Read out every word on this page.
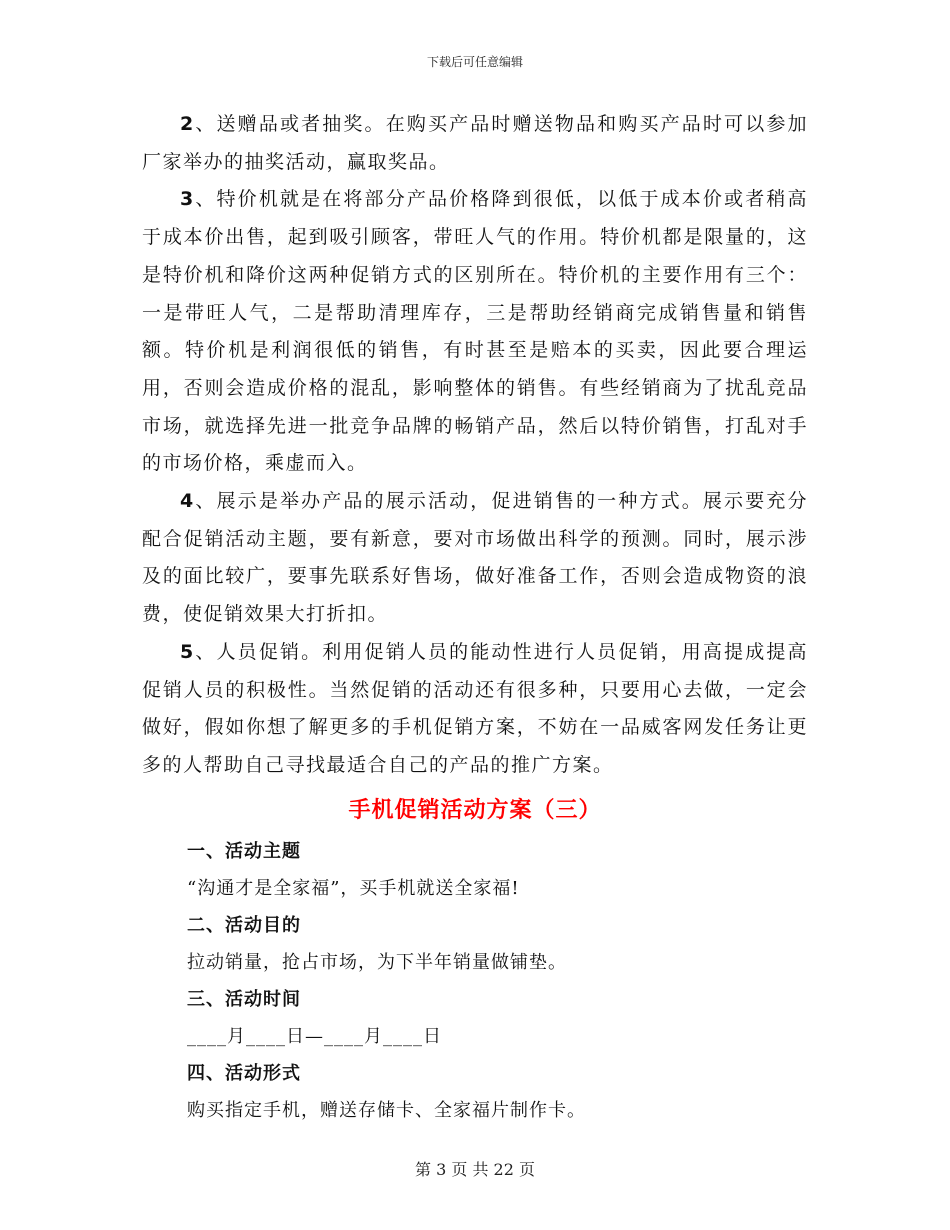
下载后可任意编辑

2、送赠品或者抽奖。在购买产品时赠送物品和购买产品时可以参加厂家举办的抽奖活动，赢取奖品。

3、特价机就是在将部分产品价格降到很低，以低于成本价或者稍高于成本价出售，起到吸引顾客，带旺人气的作用。特价机都是限量的，这是特价机和降价这两种促销方式的区别所在。特价机的主要作用有三个：一是带旺人气，二是帮助清理库存，三是帮助经销商完成销售量和销售额。特价机是利润很低的销售，有时甚至是赔本的买卖，因此要合理运用，否则会造成价格的混乱，影响整体的销售。有些经销商为了扰乱竞品市场，就选择先进一批竞争品牌的畅销产品，然后以特价销售，打乱对手的市场价格，乘虚而入。

4、展示是举办产品的展示活动，促进销售的一种方式。展示要充分配合促销活动主题，要有新意，要对市场做出科学的预测。同时，展示涉及的面比较广，要事先联系好售场，做好准备工作，否则会造成物资的浪费，使促销效果大打折扣。

5、人员促销。利用促销人员的能动性进行人员促销，用高提成提高促销人员的积极性。当然促销的活动还有很多种，只要用心去做，一定会做好，假如你想了解更多的手机促销方案，不妨在一品威客网发任务让更多的人帮助自己寻找最适合自己的产品的推广方案。

手机促销活动方案（三）

一、活动主题

“沟通才是全家福”，买手机就送全家福!

二、活动目的

拉动销量，抢占市场，为下半年销量做铺垫。

三、活动时间

____月____日—____月____日

四、活动形式

购买指定手机，赠送存储卡、全家福片制作卡。

第 3 页 共 22 页
